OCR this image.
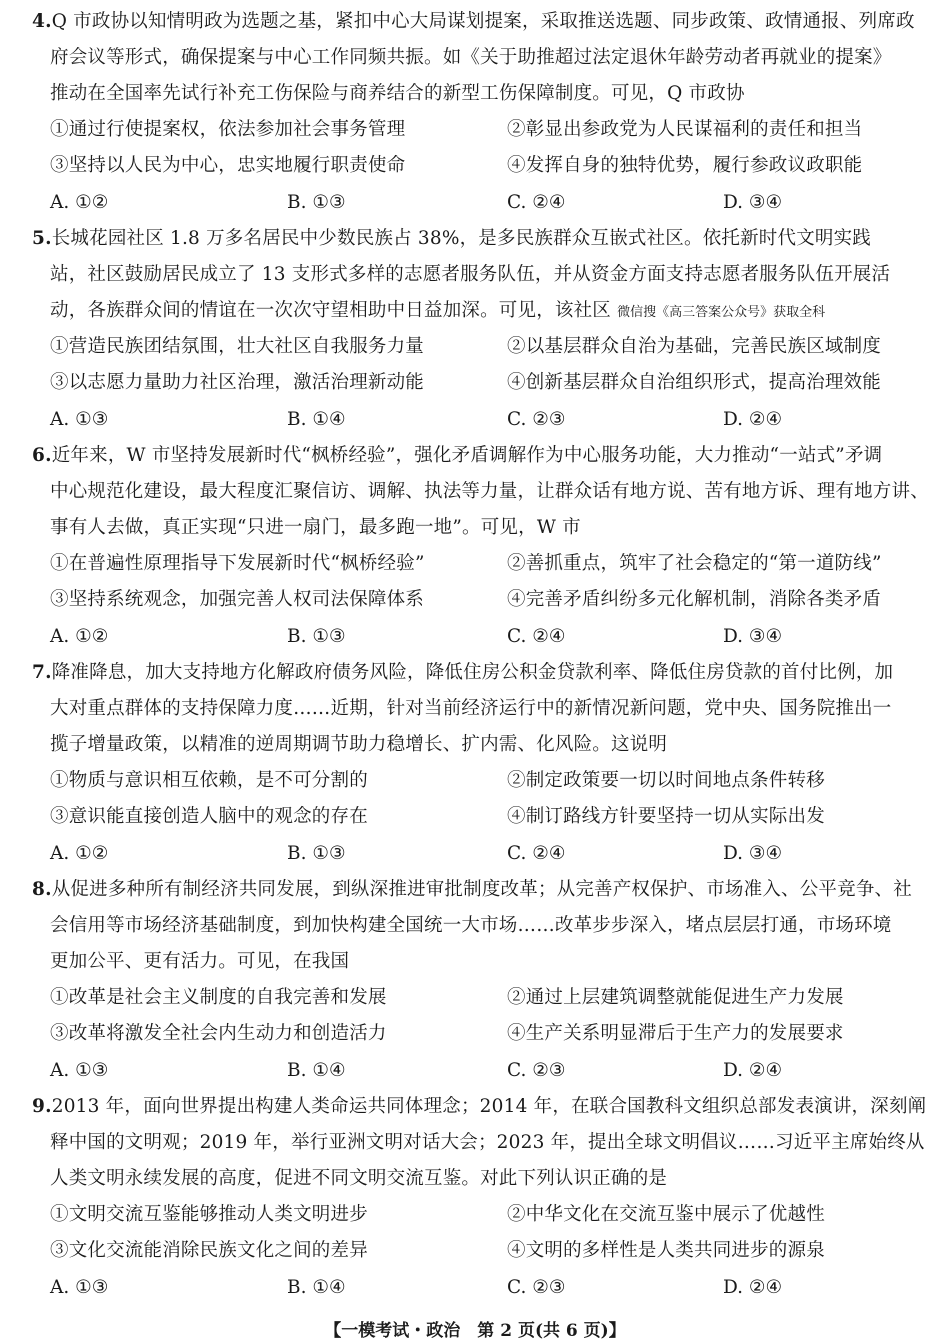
4.Q 市政协以知情明政为选题之基，紧扣中心大局谋划提案，采取推送选题、同步政策、政情通报、列席政
府会议等形式，确保提案与中心工作同频共振。如《关于助推超过法定退休年龄劳动者再就业的提案》
推动在全国率先试行补充工伤保险与商养结合的新型工伤保障制度。可见，Q 市政协
①通过行使提案权，依法参加社会事务管理	②彰显出参政党为人民谋福利的责任和担当
③坚持以人民为中心，忠实地履行职责使命	④发挥自身的独特优势，履行参政议政职能
A. ①②	B. ①③	C. ②④	D. ③④
5.长城花园社区 1.8 万多名居民中少数民族占 38%，是多民族群众互嵌式社区。依托新时代文明实践
站，社区鼓励居民成立了 13 支形式多样的志愿者服务队伍，并从资金方面支持志愿者服务队伍开展活
动，各族群众间的情谊在一次次守望相助中日益加深。可见，该社区 微信搜《高三答案公众号》获取全科
①营造民族团结氛围，壮大社区自我服务力量	②以基层群众自治为基础，完善民族区域制度
③以志愿力量助力社区治理，激活治理新动能	④创新基层群众自治组织形式，提高治理效能
A. ①③	B. ①④	C. ②③	D. ②④
6.近年来，W 市坚持发展新时代“枫桥经验”，强化矛盾调解作为中心服务功能，大力推动“一站式”矛调
中心规范化建设，最大程度汇聚信访、调解、执法等力量，让群众话有地方说、苦有地方诉、理有地方讲、
事有人去做，真正实现“只进一扇门，最多跑一地”。可见，W 市
①在普遍性原理指导下发展新时代“枫桥经验”	②善抓重点，筑牢了社会稳定的“第一道防线”
③坚持系统观念，加强完善人权司法保障体系	④完善矛盾纠纷多元化解机制，消除各类矛盾
A. ①②	B. ①③	C. ②④	D. ③④
7.降准降息，加大支持地方化解政府债务风险，降低住房公积金贷款利率、降低住房贷款的首付比例，加
大对重点群体的支持保障力度……近期，针对当前经济运行中的新情况新问题，党中央、国务院推出一
揽子增量政策，以精准的逆周期调节助力稳增长、扩内需、化风险。这说明
①物质与意识相互依赖，是不可分割的	②制定政策要一切以时间地点条件转移
③意识能直接创造人脑中的观念的存在	④制订路线方针要坚持一切从实际出发
A. ①②	B. ①③	C. ②④	D. ③④
8.从促进多种所有制经济共同发展，到纵深推进审批制度改革；从完善产权保护、市场准入、公平竞争、社
会信用等市场经济基础制度，到加快构建全国统一大市场……改革步步深入，堵点层层打通，市场环境
更加公平、更有活力。可见，在我国
①改革是社会主义制度的自我完善和发展	②通过上层建筑调整就能促进生产力发展
③改革将激发全社会内生动力和创造活力	④生产关系明显滞后于生产力的发展要求
A. ①③	B. ①④	C. ②③	D. ②④
9.2013 年，面向世界提出构建人类命运共同体理念；2014 年，在联合国教科文组织总部发表演讲，深刻阐
释中国的文明观；2019 年，举行亚洲文明对话大会；2023 年，提出全球文明倡议……习近平主席始终从
人类文明永续发展的高度，促进不同文明交流互鉴。对此下列认识正确的是
①文明交流互鉴能够推动人类文明进步	②中华文化在交流互鉴中展示了优越性
③文化交流能消除民族文化之间的差异	④文明的多样性是人类共同进步的源泉
A. ①③	B. ①④	C. ②③	D. ②④
【一模考试・政治　第 2 页(共 6 页)】
